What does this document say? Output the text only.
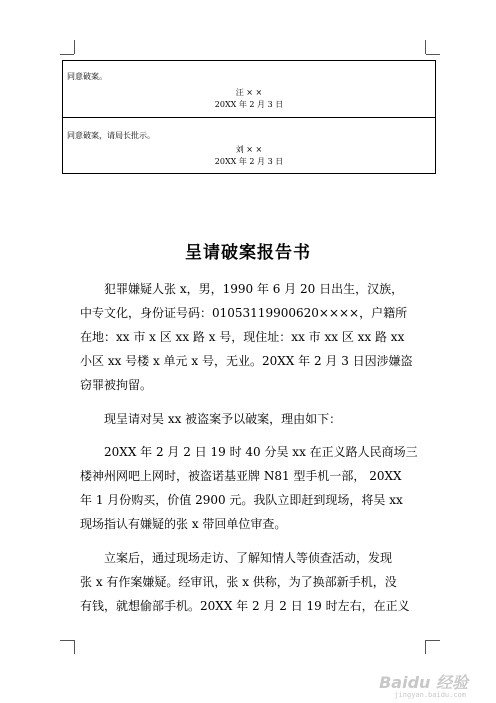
同意破案。
汪 × ×
20XX 年 2 月 3 日
同意破案，请局长批示。
刘 × ×
20XX 年 2 月 3 日
呈请破案报告书
犯罪嫌疑人张 x，男，1990 年 6 月 20 日出生，汉族，
中专文化，身份证号码：01053119900620××××，户籍所
在地：xx 市 x 区 xx 路 x 号，现住址：xx 市 xx 区 xx 路 xx
小区 xx 号楼 x 单元 x 号，无业。20XX 年 2 月 3 日因涉嫌盗
窃罪被拘留。
现呈请对吴 xx 被盗案予以破案，理由如下：
20XX 年 2 月 2 日 19 时 40 分吴 xx 在正义路人民商场三
楼神州网吧上网时，被盗诺基亚牌 N81 型手机一部， 20XX
年 1 月份购买，价值 2900 元。我队立即赶到现场，将吴 xx
现场指认有嫌疑的张 x 带回单位审查。
立案后，通过现场走访、了解知情人等侦查活动，发现
张 x 有作案嫌疑。经审讯，张 x 供称，为了换部新手机，没
有钱，就想偷部手机。20XX 年 2 月 2 日 19 时左右，在正义
Baidu 经验
jingyan.baidu.com
